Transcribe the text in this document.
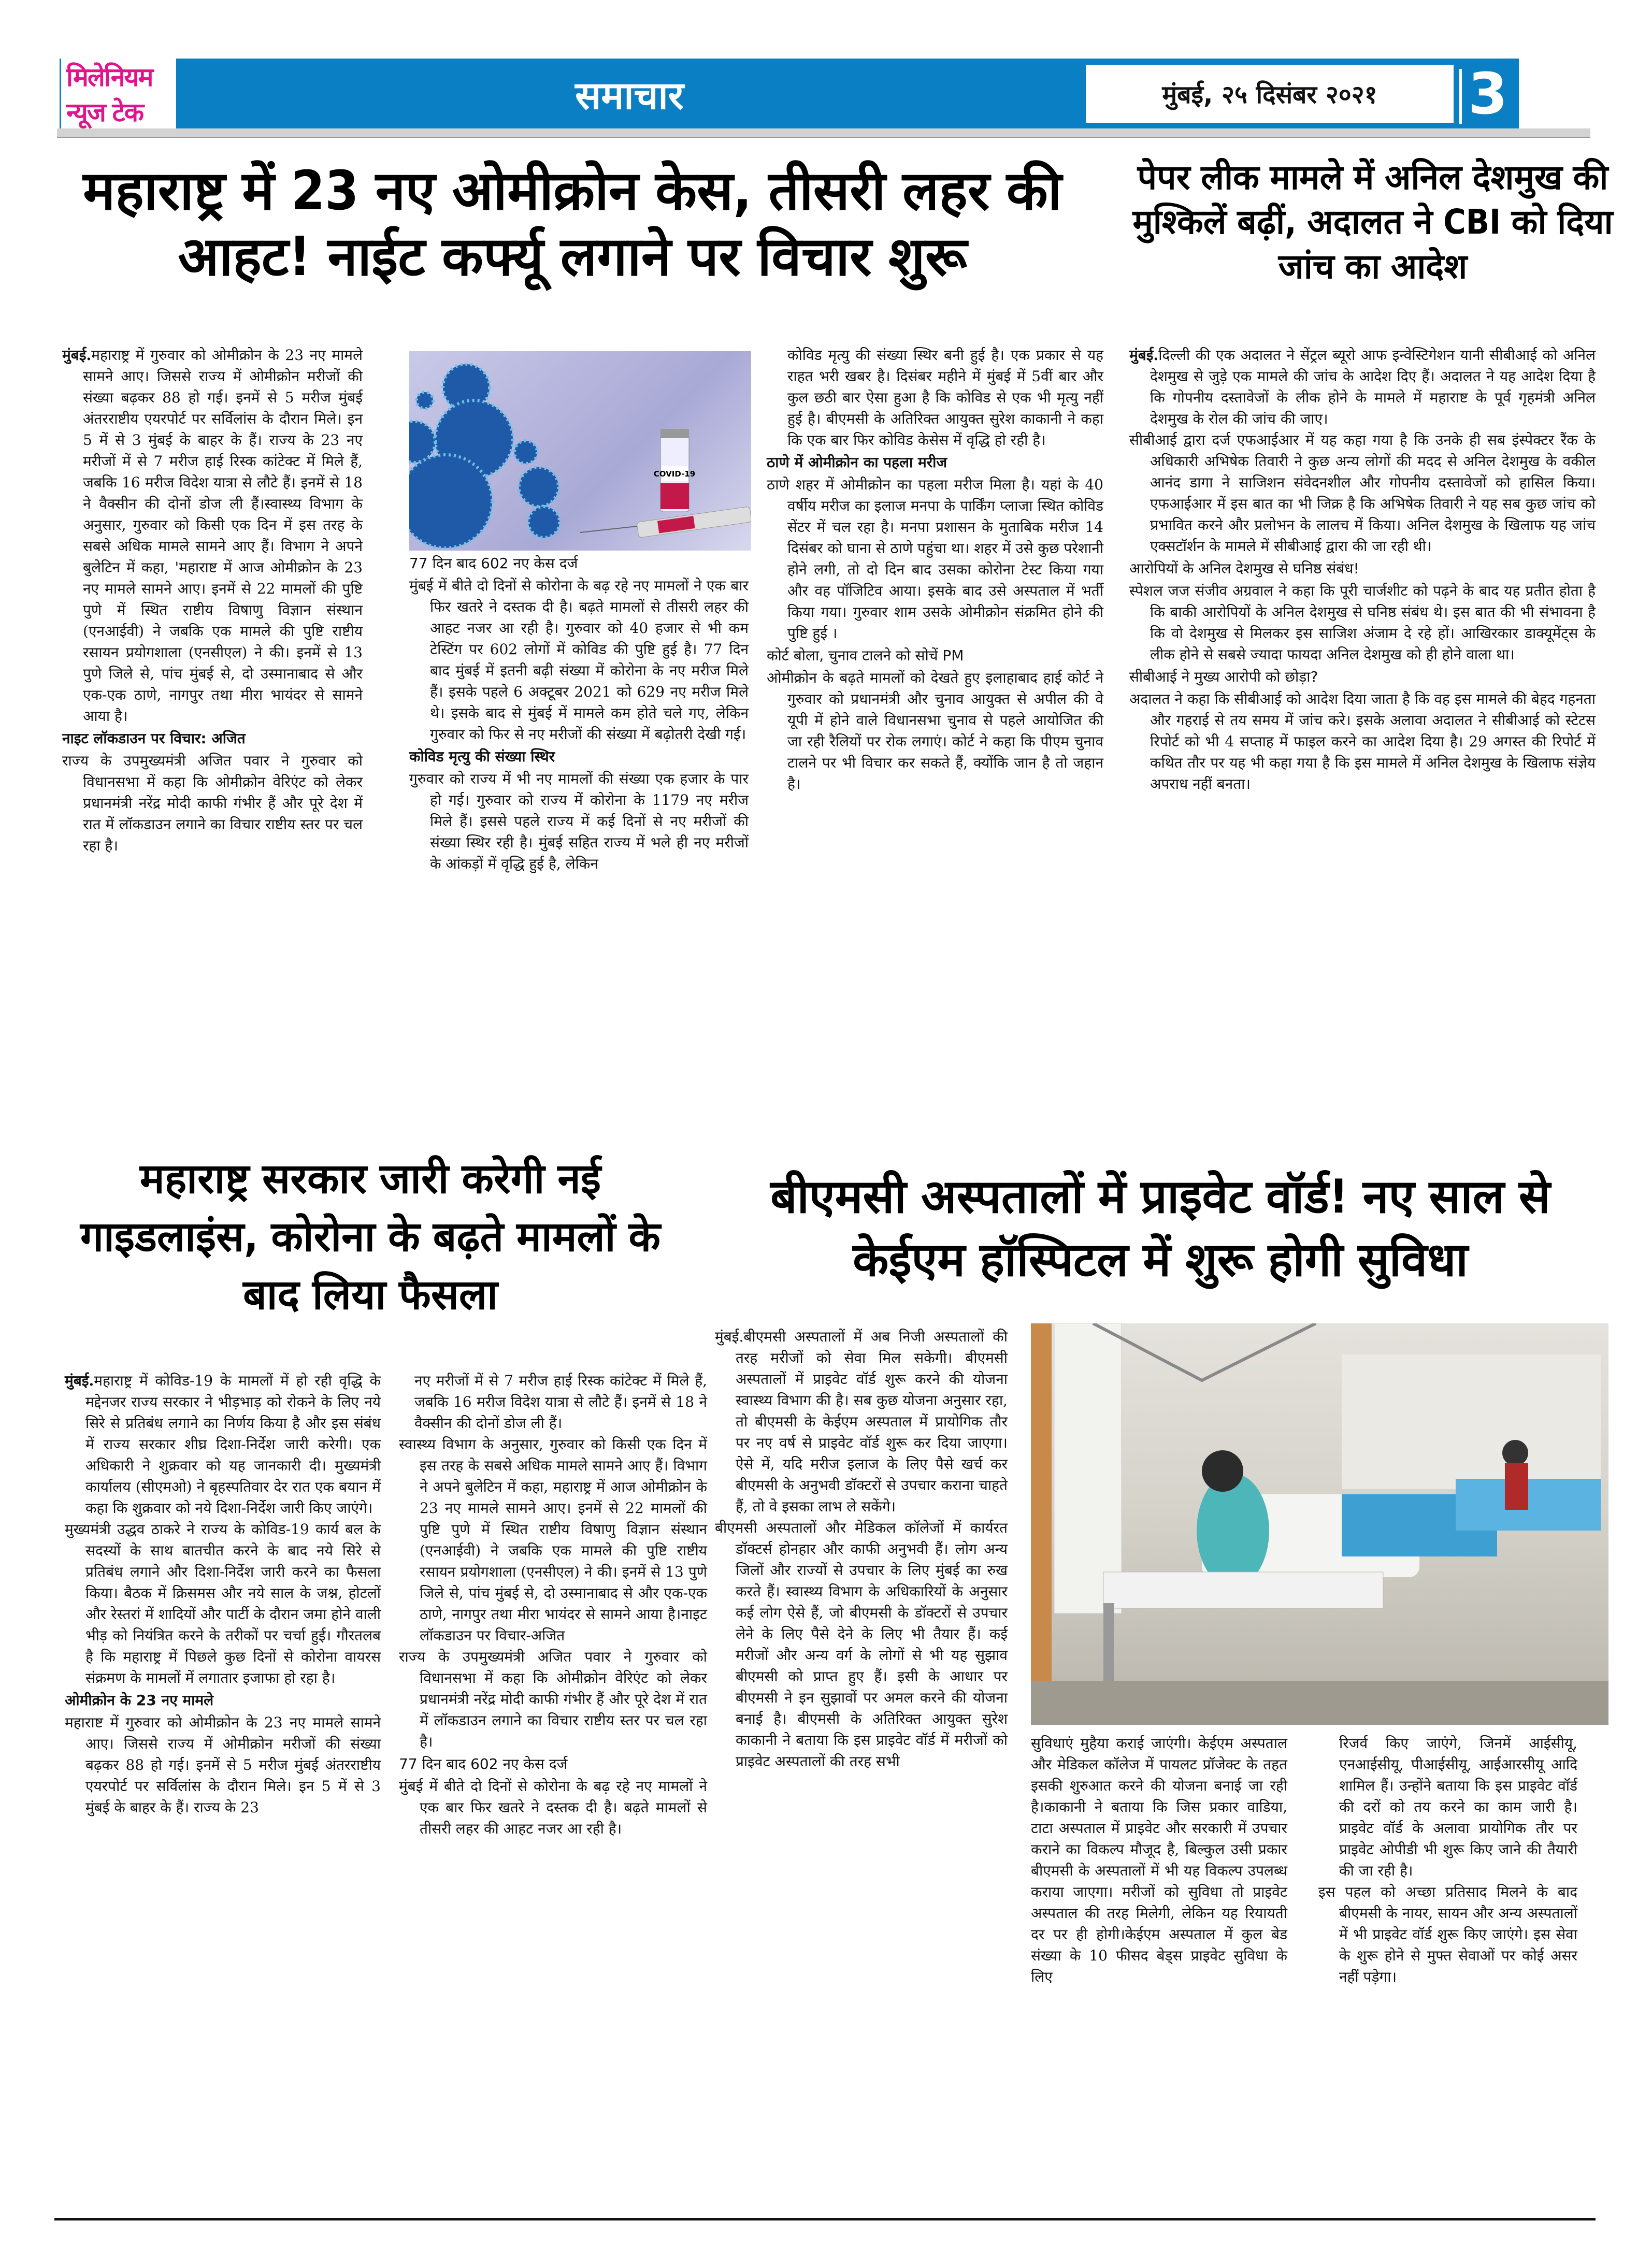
मिलेनियम न्यूज टेक	समाचार	मुंबई, २५ दिसंबर २०२१	3
महाराष्ट्र में 23 नए ओमीक्रोन केस, तीसरी लहर की आहट! नाईट कर्फ्यू लगाने पर विचार शुरू
पेपर लीक मामले में अनिल देशमुख की मुश्किलें बढ़ीं, अदालत ने CBI को दिया जांच का आदेश

मुंबई.महाराष्ट्र में गुरुवार को ओमीक्रोन के 23 नए मामले सामने आए। जिससे राज्य में ओमीक्रोन मरीजों की संख्या बढ़कर 88 हो गई। इनमें से 5 मरीज मुंबई अंतरराष्टीय एयरपोर्ट पर सर्विलांस के दौरान मिले। इन 5 में से 3 मुंबई के बाहर के हैं। राज्य के 23 नए मरीजों में से 7 मरीज हाई रिस्क कांटेक्ट में मिले हैं, जबकि 16 मरीज विदेश यात्रा से लौटे हैं। इनमें से 18 ने वैक्सीन की दोनों डोज ली हैं।स्वास्थ्य विभाग के अनुसार, गुरुवार को किसी एक दिन में इस तरह के सबसे अधिक मामले सामने आए हैं। विभाग ने अपने बुलेटिन में कहा, 'महाराष्ट में आज ओमीक्रोन के 23 नए मामले सामने आए। इनमें से 22 मामलों की पुष्टि पुणे में स्थित राष्टीय विषाणु विज्ञान संस्थान (एनआईवी) ने जबकि एक मामले की पुष्टि राष्टीय रसायन प्रयोगशाला (एनसीएल) ने की। इनमें से 13 पुणे जिले से, पांच मुंबई से, दो उस्मानाबाद से और एक-एक ठाणे, नागपुर तथा मीरा भायंदर से सामने आया है।

नाइट लॉकडाउन पर विचार: अजित

राज्य के उपमुख्यमंत्री अजित पवार ने गुरुवार को विधानसभा में कहा कि ओमीक्रोन वेरिएंट को लेकर प्रधानमंत्री नरेंद्र मोदी काफी गंभीर हैं और पूरे देश में रात में लॉकडाउन लगाने का विचार राष्टीय स्तर पर चल रहा है।

COVID-19

77 दिन बाद 602 नए केस दर्ज

मुंबई में बीते दो दिनों से कोरोना के बढ़ रहे नए मामलों ने एक बार फिर खतरे ने दस्तक दी है। बढ़ते मामलों से तीसरी लहर की आहट नजर आ रही है। गुरुवार को 40 हजार से भी कम टेस्टिंग पर 602 लोगों में कोविड की पुष्टि हुई है। 77 दिन बाद मुंबई में इतनी बढ़ी संख्या में कोरोना के नए मरीज मिले हैं। इसके पहले 6 अक्टूबर 2021 को 629 नए मरीज मिले थे। इसके बाद से मुंबई में मामले कम होते चले गए, लेकिन गुरुवार को फिर से नए मरीजों की संख्या में बढ़ोतरी देखी गई।

कोविड मृत्यु की संख्या स्थिर

गुरुवार को राज्य में भी नए मामलों की संख्या एक हजार के पार हो गई। गुरुवार को राज्य में कोरोना के 1179 नए मरीज मिले हैं। इससे पहले राज्य में कई दिनों से नए मरीजों की संख्या स्थिर रही है। मुंबई सहित राज्य में भले ही नए मरीजों के आंकड़ों में वृद्धि हुई है, लेकिन

कोविड मृत्यु की संख्या स्थिर बनी हुई है। एक प्रकार से यह राहत भरी खबर है। दिसंबर महीने में मुंबई में 5वीं बार और कुल छठी बार ऐसा हुआ है कि कोविड से एक भी मृत्यु नहीं हुई है। बीएमसी के अतिरिक्त आयुक्त सुरेश काकानी ने कहा कि एक बार फिर कोविड केसेस में वृद्धि हो रही है।

ठाणे में ओमीक्रोन का पहला मरीज

ठाणे शहर में ओमीक्रोन का पहला मरीज मिला है। यहां के 40 वर्षीय मरीज का इलाज मनपा के पार्किंग प्लाजा स्थित कोविड सेंटर में चल रहा है। मनपा प्रशासन के मुताबिक मरीज 14 दिसंबर को घाना से ठाणे पहुंचा था। शहर में उसे कुछ परेशानी होने लगी, तो दो दिन बाद उसका कोरोना टेस्ट किया गया और वह पॉजिटिव आया। इसके बाद उसे अस्पताल में भर्ती किया गया। गुरुवार शाम उसके ओमीक्रोन संक्रमित होने की पुष्टि हुई ।

कोर्ट बोला, चुनाव टालने को सोचें PM

ओमीक्रोन के बढ़ते मामलों को देखते हुए इलाहाबाद हाई कोर्ट ने गुरुवार को प्रधानमंत्री और चुनाव आयुक्त से अपील की वे यूपी में होने वाले विधानसभा चुनाव से पहले आयोजित की जा रही रैलियों पर रोक लगाएं। कोर्ट ने कहा कि पीएम चुनाव टालने पर भी विचार कर सकते हैं, क्योंकि जान है तो जहान है।

मुंबई.दिल्ली की एक अदालत ने सेंट्रल ब्यूरो आफ इन्वेस्टिगेशन यानी सीबीआई को अनिल देशमुख से जुड़े एक मामले की जांच के आदेश दिए हैं। अदालत ने यह आदेश दिया है कि गोपनीय दस्तावेजों के लीक होने के मामले में महाराष्ट के पूर्व गृहमंत्री अनिल देशमुख के रोल की जांच की जाए।

सीबीआई द्वारा दर्ज एफआईआर में यह कहा गया है कि उनके ही सब इंस्पेक्टर रैंक के अधिकारी अभिषेक तिवारी ने कुछ अन्य लोगों की मदद से अनिल देशमुख के वकील आनंद डागा ने साजिशन संवेदनशील और गोपनीय दस्तावेजों को हासिल किया। एफआईआर में इस बात का भी जिक्र है कि अभिषेक तिवारी ने यह सब कुछ जांच को प्रभावित करने और प्रलोभन के लालच में किया। अनिल देशमुख के खिलाफ यह जांच एक्सटॉर्शन के मामले में सीबीआई द्वारा की जा रही थी।

आरोपियों के अनिल देशमुख से घनिष्ठ संबंध!

स्पेशल जज संजीव अग्रवाल ने कहा कि पूरी चार्जशीट को पढ़ने के बाद यह प्रतीत होता है कि बाकी आरोपियों के अनिल देशमुख से घनिष्ठ संबंध थे। इस बात की भी संभावना है कि वो देशमुख से मिलकर इस साजिश अंजाम दे रहे हों। आखिरकार डाक्यूमेंट्स के लीक होने से सबसे ज्यादा फायदा अनिल देशमुख को ही होने वाला था।

सीबीआई ने मुख्य आरोपी को छोड़ा?

अदालत ने कहा कि सीबीआई को आदेश दिया जाता है कि वह इस मामले की बेहद गहनता और गहराई से तय समय में जांच करे। इसके अलावा अदालत ने सीबीआई को स्टेटस रिपोर्ट को भी 4 सप्ताह में फाइल करने का आदेश दिया है। 29 अगस्त की रिपोर्ट में कथित तौर पर यह भी कहा गया है कि इस मामले में अनिल देशमुख के खिलाफ संज्ञेय अपराध नहीं बनता।

महाराष्ट्र सरकार जारी करेगी नई गाइडलाइंस, कोरोना के बढ़ते मामलों के बाद लिया फैसला
बीएमसी अस्पतालों में प्राइवेट वॉर्ड! नए साल से केईएम हॉस्पिटल में शुरू होगी सुविधा

मुंबई.महाराष्ट्र में कोविड-19 के मामलों में हो रही वृद्धि के मद्देनजर राज्य सरकार ने भीड़भाड़ को रोकने के लिए नये सिरे से प्रतिबंध लगाने का निर्णय किया है और इस संबंध में राज्य सरकार शीघ्र दिशा-निर्देश जारी करेगी। एक अधिकारी ने शुक्रवार को यह जानकारी दी। मुख्यमंत्री कार्यालय (सीएमओ) ने बृहस्पतिवार देर रात एक बयान में कहा कि शुक्रवार को नये दिशा-निर्देश जारी किए जाएंगे।

मुख्यमंत्री उद्धव ठाकरे ने राज्य के कोविड-19 कार्य बल के सदस्यों के साथ बातचीत करने के बाद नये सिरे से प्रतिबंध लगाने और दिशा-निर्देश जारी करने का फैसला किया। बैठक में क्रिसमस और नये साल के जश्न, होटलों और रेस्तरां में शादियों और पार्टी के दौरान जमा होने वाली भीड़ को नियंत्रित करने के तरीकों पर चर्चा हुई। गौरतलब है कि महाराष्ट्र में पिछले कुछ दिनों से कोरोना वायरस संक्रमण के मामलों में लगातार इजाफा हो रहा है।

ओमीक्रोन के 23 नए मामले

महाराष्ट में गुरुवार को ओमीक्रोन के 23 नए मामले सामने आए। जिससे राज्य में ओमीक्रोन मरीजों की संख्या बढ़कर 88 हो गई। इनमें से 5 मरीज मुंबई अंतरराष्टीय एयरपोर्ट पर सर्विलांस के दौरान मिले। इन 5 में से 3 मुंबई के बाहर के हैं। राज्य के 23

नए मरीजों में से 7 मरीज हाई रिस्क कांटेक्ट में मिले हैं, जबकि 16 मरीज विदेश यात्रा से लौटे हैं। इनमें से 18 ने वैक्सीन की दोनों डोज ली हैं।

स्वास्थ्य विभाग के अनुसार, गुरुवार को किसी एक दिन में इस तरह के सबसे अधिक मामले सामने आए हैं। विभाग ने अपने बुलेटिन में कहा, महाराष्ट्र में आज ओमीक्रोन के 23 नए मामले सामने आए। इनमें से 22 मामलों की पुष्टि पुणे में स्थित राष्टीय विषाणु विज्ञान संस्थान (एनआईवी) ने जबकि एक मामले की पुष्टि राष्टीय रसायन प्रयोगशाला (एनसीएल) ने की। इनमें से 13 पुणे जिले से, पांच मुंबई से, दो उस्मानाबाद से और एक-एक ठाणे, नागपुर तथा मीरा भायंदर से सामने आया है।नाइट लॉकडाउन पर विचार-अजित

राज्य के उपमुख्यमंत्री अजित पवार ने गुरुवार को विधानसभा में कहा कि ओमीक्रोन वेरिएंट को लेकर प्रधानमंत्री नरेंद्र मोदी काफी गंभीर हैं और पूरे देश में रात में लॉकडाउन लगाने का विचार राष्टीय स्तर पर चल रहा है।

77 दिन बाद 602 नए केस दर्ज

मुंबई में बीते दो दिनों से कोरोना के बढ़ रहे नए मामलों ने एक बार फिर खतरे ने दस्तक दी है। बढ़ते मामलों से तीसरी लहर की आहट नजर आ रही है।

मुंबई.बीएमसी अस्पतालों में अब निजी अस्पतालों की तरह मरीजों को सेवा मिल सकेगी। बीएमसी अस्पतालों में प्राइवेट वॉर्ड शुरू करने की योजना स्वास्थ्य विभाग की है। सब कुछ योजना अनुसार रहा, तो बीएमसी के केईएम अस्पताल में प्रायोगिक तौर पर नए वर्ष से प्राइवेट वॉर्ड शुरू कर दिया जाएगा। ऐसे में, यदि मरीज इलाज के लिए पैसे खर्च कर बीएमसी के अनुभवी डॉक्टरों से उपचार कराना चाहते हैं, तो वे इसका लाभ ले सकेंगे।

बीएमसी अस्पतालों और मेडिकल कॉलेजों में कार्यरत डॉक्टर्स होनहार और काफी अनुभवी हैं। लोग अन्य जिलों और राज्यों से उपचार के लिए मुंबई का रुख करते हैं। स्वास्थ्य विभाग के अधिकारियों के अनुसार कई लोग ऐसे हैं, जो बीएमसी के डॉक्टरों से उपचार लेने के लिए पैसे देने के लिए भी तैयार हैं। कई मरीजों और अन्य वर्ग के लोगों से भी यह सुझाव बीएमसी को प्राप्त हुए हैं। इसी के आधार पर बीएमसी ने इन सुझावों पर अमल करने की योजना बनाई है। बीएमसी के अतिरिक्त आयुक्त सुरेश काकानी ने बताया कि इस प्राइवेट वॉर्ड में मरीजों को प्राइवेट अस्पतालों की तरह सभी

सुविधाएं मुहैया कराई जाएंगी। केईएम अस्पताल और मेडिकल कॉलेज में पायलट प्रॉजेक्ट के तहत इसकी शुरुआत करने की योजना बनाई जा रही है।काकानी ने बताया कि जिस प्रकार वाडिया, टाटा अस्पताल में प्राइवेट और सरकारी में उपचार कराने का विकल्प मौजूद है, बिल्कुल उसी प्रकार बीएमसी के अस्पतालों में भी यह विकल्प उपलब्ध कराया जाएगा। मरीजों को सुविधा तो प्राइवेट अस्पताल की तरह मिलेगी, लेकिन यह रियायती दर पर ही होगी।केईएम अस्पताल में कुल बेड संख्या के 10 फीसद बेड्स प्राइवेट सुविधा के लिए

रिजर्व किए जाएंगे, जिनमें आईसीयू, एनआईसीयू, पीआईसीयू, आईआरसीयू आदि शामिल हैं। उन्होंने बताया कि इस प्राइवेट वॉर्ड की दरों को तय करने का काम जारी है। प्राइवेट वॉर्ड के अलावा प्रायोगिक तौर पर प्राइवेट ओपीडी भी शुरू किए जाने की तैयारी की जा रही है।

इस पहल को अच्छा प्रतिसाद मिलने के बाद बीएमसी के नायर, सायन और अन्य अस्पतालों में भी प्राइवेट वॉर्ड शुरू किए जाएंगे। इस सेवा के शुरू होने से मुफ्त सेवाओं पर कोई असर नहीं पड़ेगा।
